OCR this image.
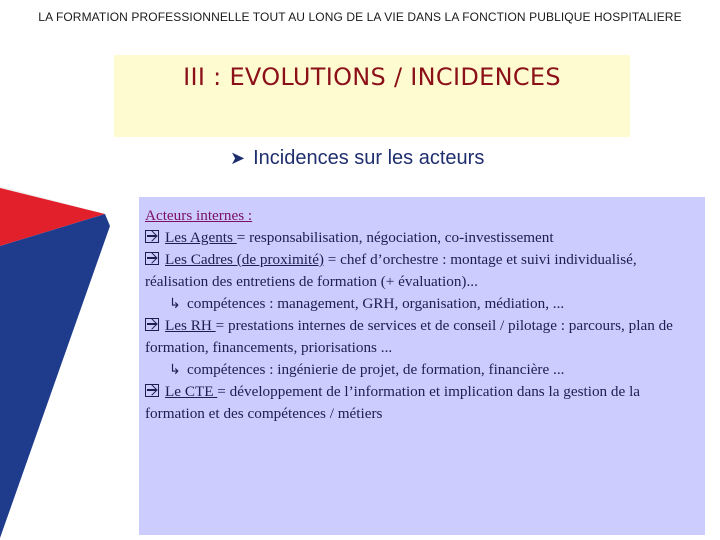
LA FORMATION PROFESSIONNELLE TOUT AU LONG DE LA VIE DANS LA FONCTION PUBLIQUE HOSPITALIERE
III : EVOLUTIONS / INCIDENCES
➤ Incidences sur les acteurs

Acteurs internes :

Les Agents = responsabilisation, négociation, co-investissement

Les Cadres (de proximité) = chef d’orchestre : montage et suivi individualisé, réalisation des entretiens de formation (+ évaluation)...

↳ compétences : management, GRH, organisation, médiation, ...

Les RH = prestations internes de services et de conseil / pilotage : parcours, plan de formation, financements, priorisations ...

↳ compétences : ingénierie de projet, de formation, financière ...

Le CTE = développement de l’information et implication dans la gestion de la formation et des compétences / métiers
